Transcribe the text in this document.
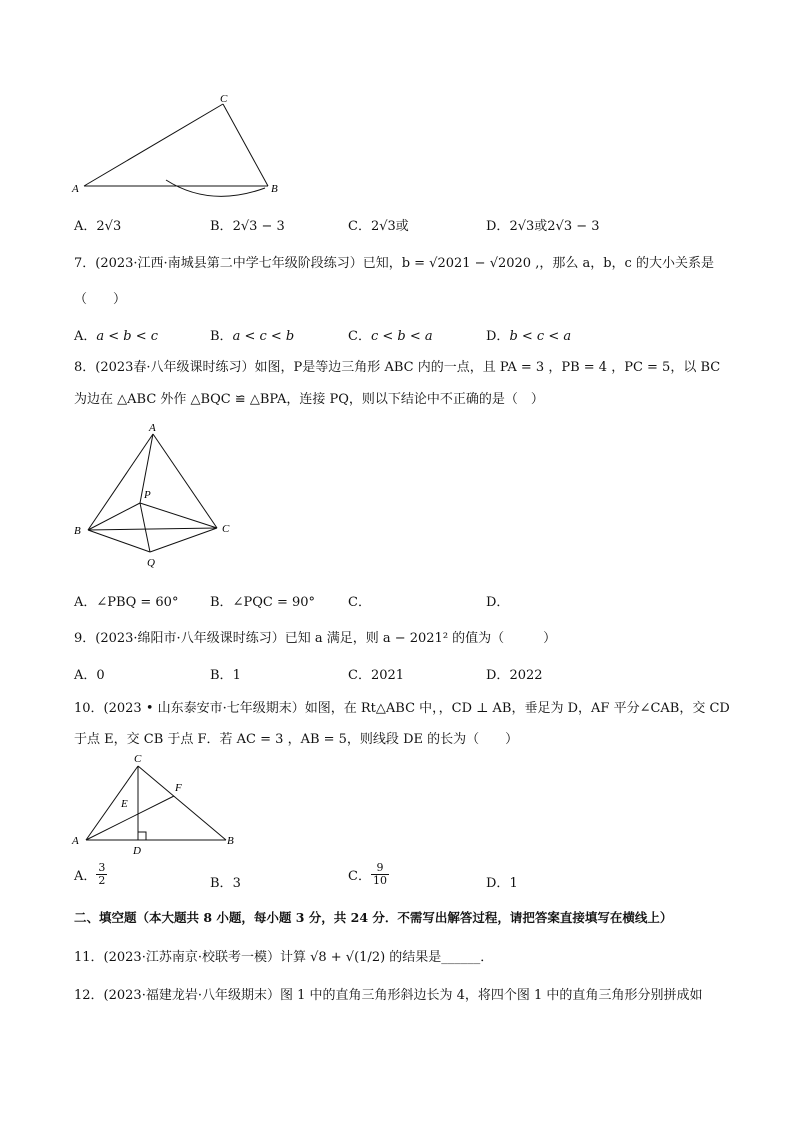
A	B
C
A．2√3	B．2√3 − 3	C．2√3或	D．2√3或2√3 − 3
7．(2023·江西·南城县第二中学七年级阶段练习）已知，b = √2021 − √2020 ,，那么 a，b，c 的大小关系是
（　　）
A．a < b < c	B．a < c < b	C．c < b < a	D．b < c < a
8．(2023春·八年级课时练习）如图，P是等边三角形 ABC 内的一点，且 PA = 3 ，PB = 4 ，PC = 5，以 BC
为边在 △ABC 外作 △BQC ≌ △BPA，连接 PQ，则以下结论中不正确的是（　）
A
B	C
P
Q
A．∠PBQ = 60° B．∠PQC = 90°	C．	D．
9．(2023·绵阳市·八年级课时练习）已知 a 满足，则 a − 2021² 的值为（　　　）
A．0	B．1	C．2021	D．2022
10．(2023 • 山东泰安市·七年级期末）如图，在 Rt△ABC 中，，CD ⊥ AB，垂足为 D，AF 平分∠CAB，交 CD
于点 E，交 CB 于点 F．若 AC = 3 ，AB = 5，则线段 DE 的长为（　　）
A	B
C
D
E
F
A． $\frac{3}{2}$	B．3	C． $\frac{9}{10}$	D．1
二、填空题（本大题共 8 小题，每小题 3 分，共 24 分．不需写出解答过程，请把答案直接填写在横线上）
11．(2023·江苏南京·校联考一模）计算 √8 + √(1/2) 的结果是______．
12．(2023·福建龙岩·八年级期末）图 1 中的直角三角形斜边长为 4，将四个图 1 中的直角三角形分别拼成如
